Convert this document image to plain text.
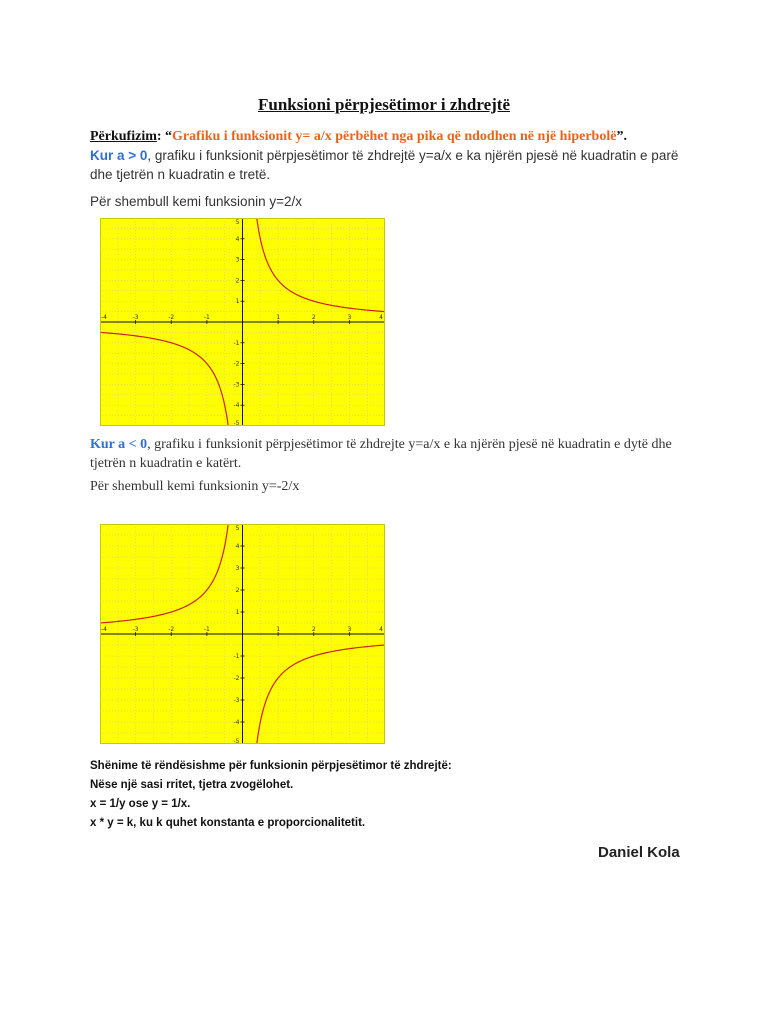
Funksioni përpjesëtimor i zhdrejtë
Përkufizim: “Grafiku i funksionit y= a/x përbëhet nga pika që ndodhen në një hiperbolë”.
Kur a > 0, grafiku i funksionit përpjesëtimor të zhdrejtë y=a/x e ka njërën pjesë në kuadratin e parë dhe tjetrën n kuadratin e tretë.
Për shembull kemi funksionin y=2/x
-4	-3	-2	-1	1	2	3	4
5
4
3
2
1
-1
-2
-3
-4
-5
Kur a < 0, grafiku i funksionit përpjesëtimor të zhdrejte y=a/x e ka njërën pjesë në kuadratin e dytë dhe tjetrën n kuadratin e katërt.
Për shembull kemi funksionin y=-2/x
-4	-3	-2	-1	1	2	3	4
5
4
3
2
1
-1
-2
-3
-4
-5
Shënime të rëndësishme për funksionin përpjesëtimor të zhdrejtë:
Nëse një sasi rritet, tjetra zvogëlohet.
x = 1/y ose y = 1/x.
x * y = k, ku k quhet konstanta e proporcionalitetit.
Daniel Kola
